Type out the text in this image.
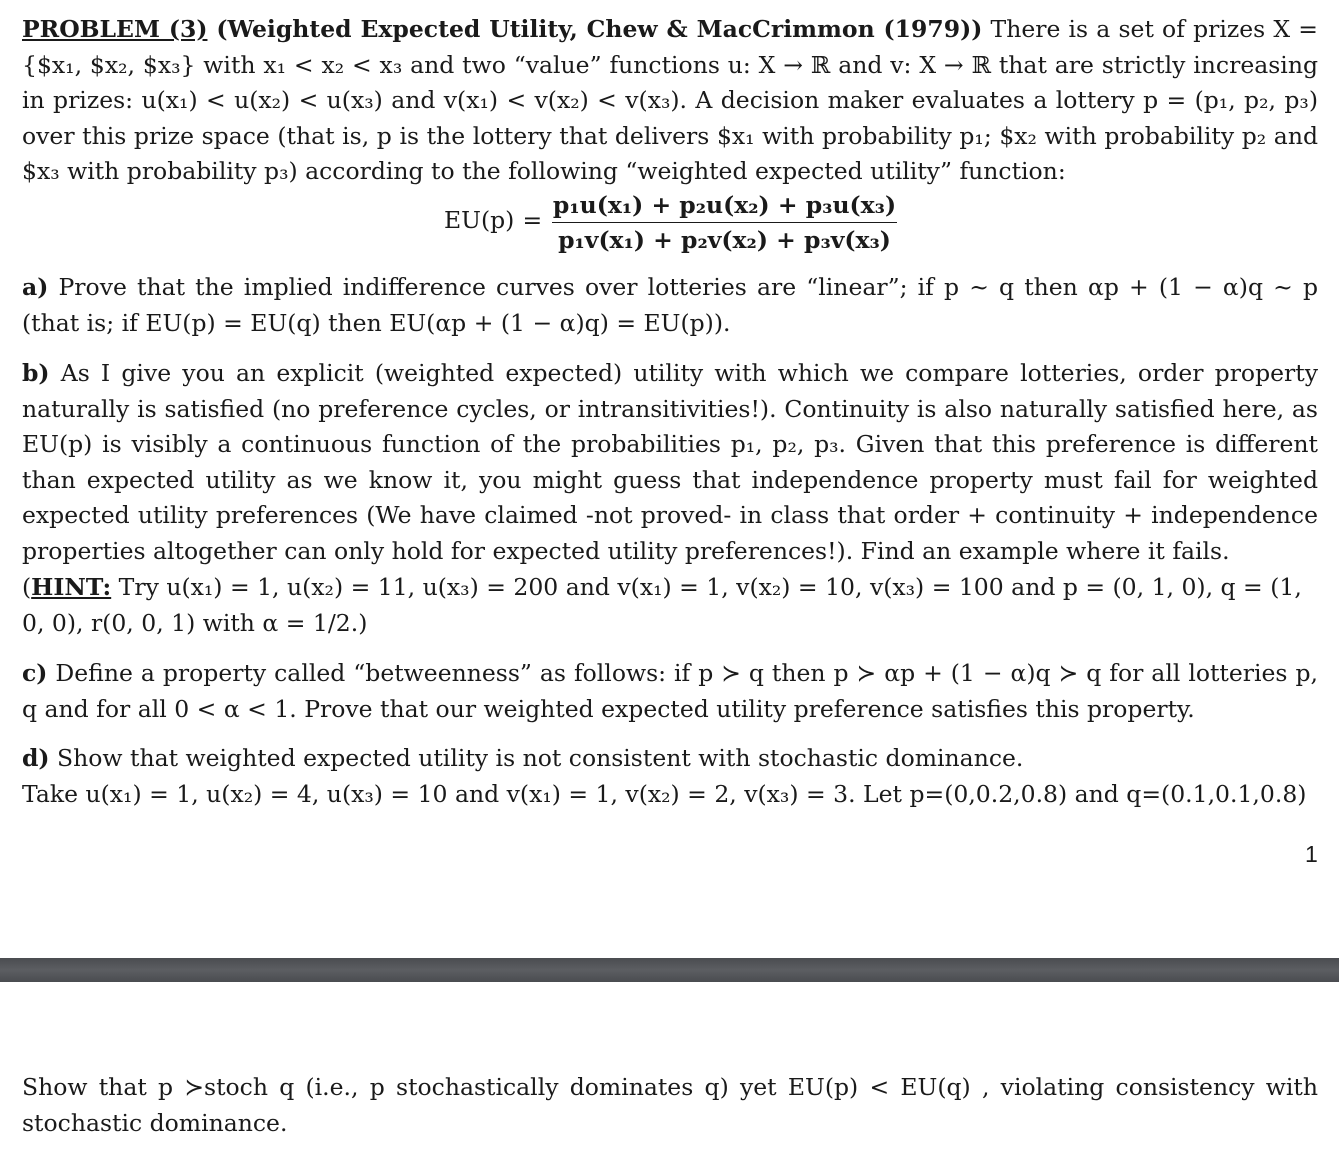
PROBLEM (3) (Weighted Expected Utility, Chew & MacCrimmon (1979)) There is a set of prizes X = {$x₁, $x₂, $x₃} with x₁ < x₂ < x₃ and two “value” functions u: X → ℝ and v: X → ℝ that are strictly increasing in prizes: u(x₁) < u(x₂) < u(x₃) and v(x₁) < v(x₂) < v(x₃). A decision maker evaluates a lottery p = (p₁, p₂, p₃) over this prize space (that is, p is the lottery that delivers $x₁ with probability p₁; $x₂ with probability p₂ and $x₃ with probability p₃) according to the following “weighted expected utility” function:

EU(p) =
p₁u(x₁) + p₂u(x₂) + p₃u(x₃)
p₁v(x₁) + p₂v(x₂) + p₃v(x₃)

a) Prove that the implied indifference curves over lotteries are “linear”; if p ~ q then αp + (1 − α)q ~ p (that is; if EU(p) = EU(q) then EU(αp + (1 − α)q) = EU(p)).

b) As I give you an explicit (weighted expected) utility with which we compare lotteries, order property naturally is satisfied (no preference cycles, or intransitivities!). Continuity is also naturally satisfied here, as EU(p) is visibly a continuous function of the probabilities p₁, p₂, p₃. Given that this preference is different than expected utility as we know it, you might guess that independence property must fail for weighted expected utility preferences (We have claimed -not proved- in class that order + continuity + independence properties altogether can only hold for expected utility preferences!). Find an example where it fails.

(HINT: Try u(x₁) = 1, u(x₂) = 11, u(x₃) = 200 and v(x₁) = 1, v(x₂) = 10, v(x₃) = 100 and p = (0, 1, 0), q = (1, 0, 0), r(0, 0, 1) with α = 1/2.)

c) Define a property called “betweenness” as follows: if p ≻ q then p ≻ αp + (1 − α)q ≻ q for all lotteries p, q and for all 0 < α < 1. Prove that our weighted expected utility preference satisfies this property.

d) Show that weighted expected utility is not consistent with stochastic dominance.

Take u(x₁) = 1, u(x₂) = 4, u(x₃) = 10 and v(x₁) = 1, v(x₂) = 2, v(x₃) = 3. Let p=(0,0.2,0.8) and q=(0.1,0.1,0.8)

1

Show that p ≻stoch q (i.e., p stochastically dominates q) yet EU(p) < EU(q) , violating consistency with stochastic dominance.
